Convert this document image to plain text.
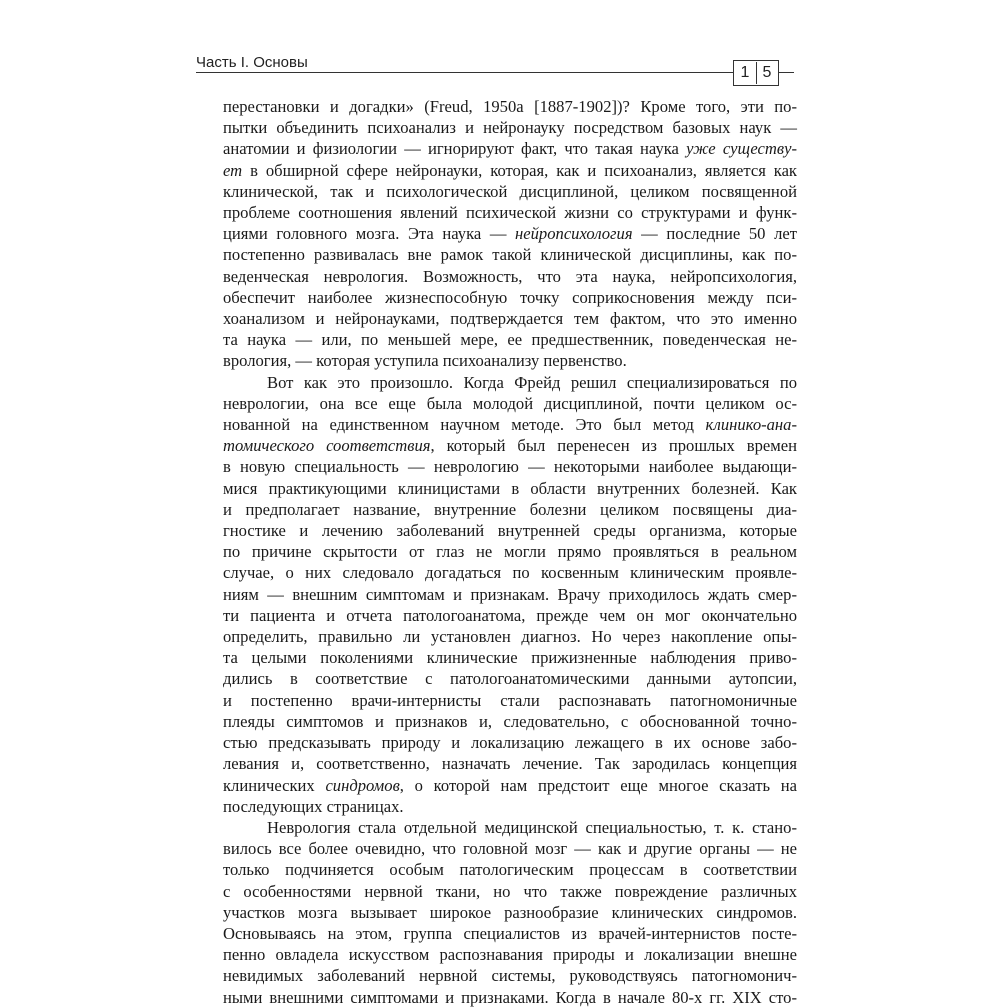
Часть I. Основы
1 5
перестановки и догадки» (Freud, 1950a [1887-1902])? Кроме того, эти по-
пытки объединить психоанализ и нейронауку посредством базовых наук —
анатомии и физиологии — игнорируют факт, что такая наука уже существу-
ет в обширной сфере нейронауки, которая, как и психоанализ, является как
клинической, так и психологической дисциплиной, целиком посвященной
проблеме соотношения явлений психической жизни со структурами и функ-
циями головного мозга. Эта наука — нейропсихология — последние 50 лет
постепенно развивалась вне рамок такой клинической дисциплины, как по-
веденческая неврология. Возможность, что эта наука, нейропсихология,
обеспечит наиболее жизнеспособную точку соприкосновения между пси-
хоанализом и нейронауками, подтверждается тем фактом, что это именно
та наука — или, по меньшей мере, ее предшественник, поведенческая не-
врология, — которая уступила психоанализу первенство.
Вот как это произошло. Когда Фрейд решил специализироваться по
неврологии, она все еще была молодой дисциплиной, почти целиком ос-
нованной на единственном научном методе. Это был метод клинико-ана-
томического соответствия, который был перенесен из прошлых времен
в новую специальность — неврологию — некоторыми наиболее выдающи-
мися практикующими клиницистами в области внутренних болезней. Как
и предполагает название, внутренние болезни целиком посвящены диа-
гностике и лечению заболеваний внутренней среды организма, которые
по причине скрытости от глаз не могли прямо проявляться в реальном
случае, о них следовало догадаться по косвенным клиническим проявле-
ниям — внешним симптомам и признакам. Врачу приходилось ждать смер-
ти пациента и отчета патологоанатома, прежде чем он мог окончательно
определить, правильно ли установлен диагноз. Но через накопление опы-
та целыми поколениями клинические прижизненные наблюдения приво-
дились в соответствие с патологоанатомическими данными аутопсии,
и постепенно врачи-интернисты стали распознавать патогномоничные
плеяды симптомов и признаков и, следовательно, с обоснованной точно-
стью предсказывать природу и локализацию лежащего в их основе забо-
левания и, соответственно, назначать лечение. Так зародилась концепция
клинических синдромов, о которой нам предстоит еще многое сказать на
последующих страницах.
Неврология стала отдельной медицинской специальностью, т. к. стано-
вилось все более очевидно, что головной мозг — как и другие органы — не
только подчиняется особым патологическим процессам в соответствии
с особенностями нервной ткани, но что также повреждение различных
участков мозга вызывает широкое разнообразие клинических синдромов.
Основываясь на этом, группа специалистов из врачей-интернистов посте-
пенно овладела искусством распознавания природы и локализации внешне
невидимых заболеваний нервной системы, руководствуясь патогномонич-
ными внешними симптомами и признаками. Когда в начале 80-х гг. XIX сто-
